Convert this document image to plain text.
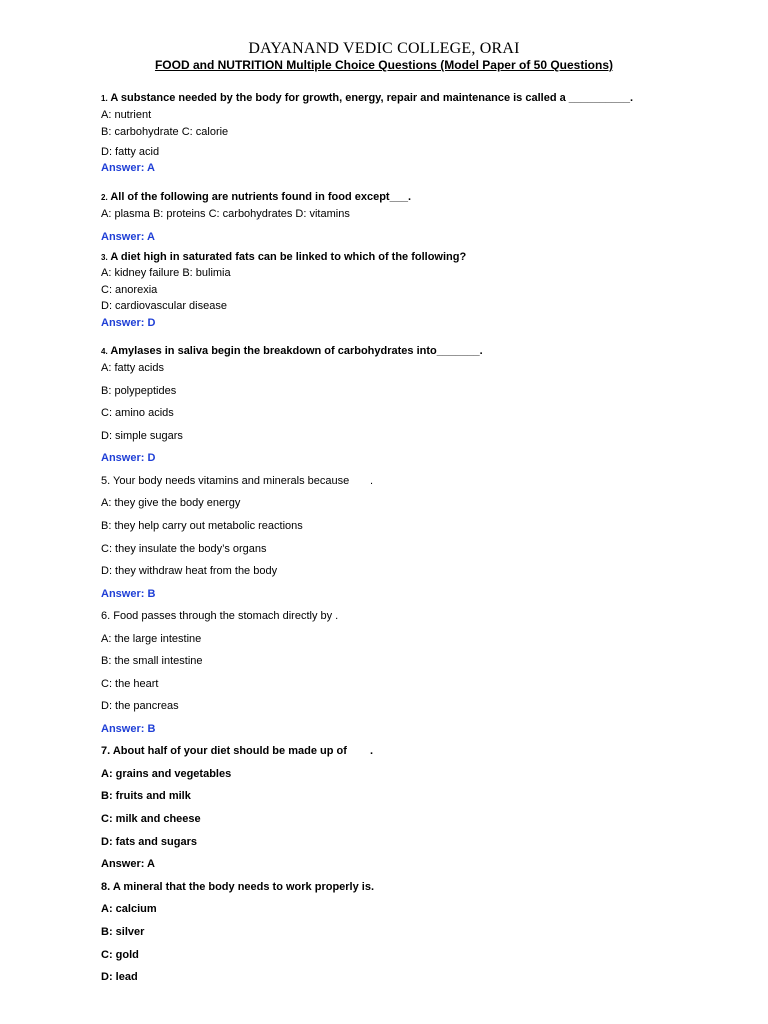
DAYANAND VEDIC COLLEGE, ORAI
FOOD and NUTRITION Multiple Choice Questions (Model Paper of 50 Questions)
1. A substance needed by the body for growth, energy, repair and maintenance is called a __________.
A: nutrient
B: carbohydrate C: calorie
D: fatty acid
Answer: A
2. All of the following are nutrients found in food except___.
A: plasma B: proteins C: carbohydrates D: vitamins
Answer: A
3. A diet high in saturated fats can be linked to which of the following?
A: kidney failure B: bulimia
C: anorexia
D: cardiovascular disease
Answer: D
4. Amylases in saliva begin the breakdown of carbohydrates into_______.
A: fatty acids
B: polypeptides
C: amino acids
D: simple sugars
Answer: D
5. Your body needs vitamins and minerals because .
A: they give the body energy
B: they help carry out metabolic reactions
C: they insulate the body’s organs
D: they withdraw heat from the body
Answer: B
6. Food passes through the stomach directly by .
A: the large intestine
B: the small intestine
C: the heart
D: the pancreas
Answer: B
7. About half of your diet should be made up of .
A: grains and vegetables
B: fruits and milk
C: milk and cheese
D: fats and sugars
Answer: A
8. A mineral that the body needs to work properly is .
A: calcium
B: silver
C: gold
D: lead
